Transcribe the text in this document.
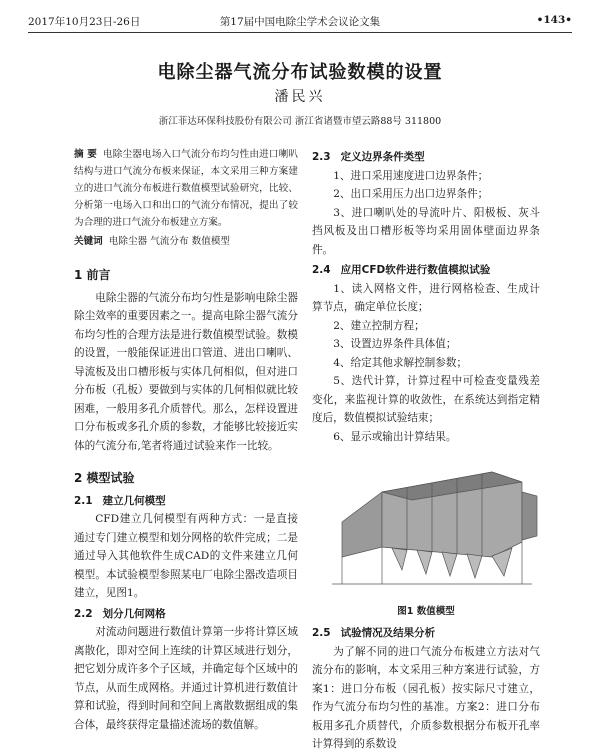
2017年10月23日-26日	第17届中国电除尘学术会议论文集	•143•
电除尘器气流分布试验数模的设置
潘民兴
浙江菲达环保科技股份有限公司 浙江省诸暨市望云路88号 311800
摘 要 电除尘器电场入口气流分布均匀性由进口喇叭结构与进口气流分布板来保证，本文采用三种方案建立的进口气流分布板进行数值模型试验研究，比较、分析第一电场入口和出口的气流分布情况，提出了较为合理的进口气流分布板建立方案。
关键词 电除尘器 气流分布 数值模型
1 前言

电除尘器的气流分布均匀性是影响电除尘器除尘效率的重要因素之一。提高电除尘器气流分布均匀性的合理方法是进行数值模型试验。数模的设置，一般能保证进出口管道、进出口喇叭、导流板及出口槽形板与实体几何相似，但对进口分布板（孔板）要做到与实体的几何相似就比较困难，一般用多孔介质替代。那么，怎样设置进口分布板或多孔介质的参数，才能够比较接近实体的气流分布,笔者将通过试验来作一比较。

2 模型试验
2.1 建立几何模型

CFD建立几何模型有两种方式：一是直接通过专门建立模型和划分网格的软件完成；二是通过导入其他软件生成CAD的文件来建立几何模型。本试验模型参照某电厂电除尘器改造项目建立，见图1。

2.2 划分几何网格

对流动问题进行数值计算第一步将计算区域离散化，即对空间上连续的计算区域进行划分，把它划分成许多个子区域，并确定每个区域中的节点，从而生成网格。并通过计算机进行数值计算和试验，得到时间和空间上离散数据组成的集合体，最终获得定量描述流场的数值解。

2.3 定义边界条件类型

1、进口采用速度进口边界条件；

2、出口采用压力出口边界条件；

3、进口喇叭处的导流叶片、阳极板、灰斗挡风板及出口槽形板等均采用固体壁面边界条件。

2.4 应用CFD软件进行数值模拟试验

1、读入网格文件，进行网格检查、生成计算节点，确定单位长度；

2、建立控制方程；

3、设置边界条件具体值；

4、给定其他求解控制参数；

5、迭代计算，计算过程中可检查变量残差变化，来监视计算的收敛性，在系统达到指定精度后，数值模拟试验结束；

6、显示或输出计算结果。

图1 数值模型
2.5 试验情况及结果分析

为了解不同的进口气流分布板建立方法对气流分布的影响，本文采用三种方案进行试验，方案1：进口分布板（园孔板）按实际尺寸建立，作为气流分布均匀性的基准。方案2：进口分布板用多孔介质替代，介质参数根据分布板开孔率计算得到的系数设
